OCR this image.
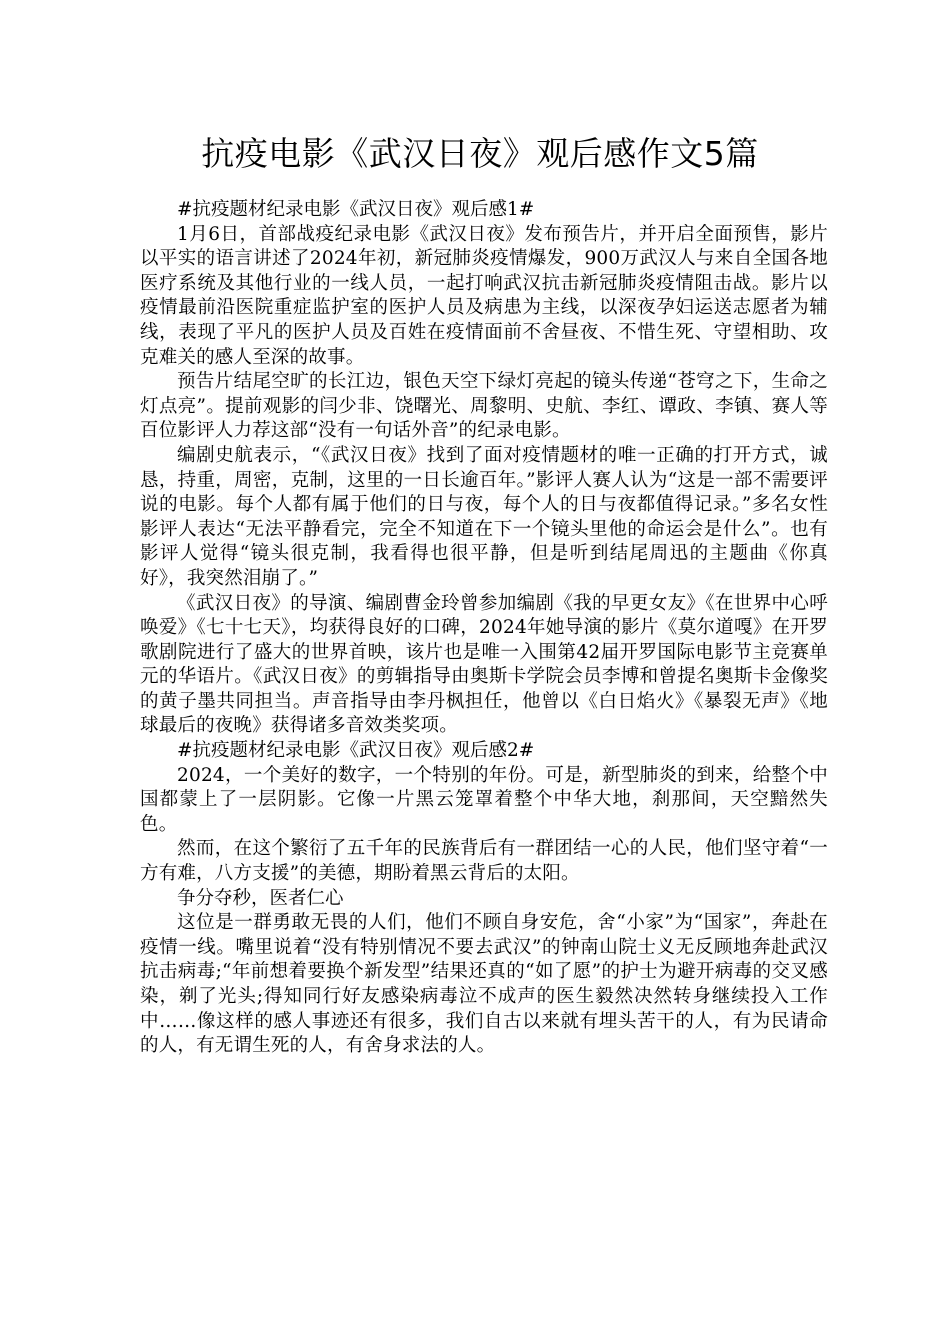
抗疫电影《武汉日夜》观后感作文5篇

#抗疫题材纪录电影《武汉日夜》观后感1#

1月6日，首部战疫纪录电影《武汉日夜》发布预告片，并开启全面预售，影片以平实的语言讲述了2024年初，新冠肺炎疫情爆发，900万武汉人与来自全国各地医疗系统及其他行业的一线人员，一起打响武汉抗击新冠肺炎疫情阻击战。影片以疫情最前沿医院重症监护室的医护人员及病患为主线，以深夜孕妇运送志愿者为辅线，表现了平凡的医护人员及百姓在疫情面前不舍昼夜、不惜生死、守望相助、攻克难关的感人至深的故事。

预告片结尾空旷的长江边，银色天空下绿灯亮起的镜头传递“苍穹之下，生命之灯点亮”。提前观影的闫少非、饶曙光、周黎明、史航、李红、谭政、李镇、赛人等百位影评人力荐这部“没有一句话外音”的纪录电影。

编剧史航表示，“《武汉日夜》找到了面对疫情题材的唯一正确的打开方式，诚恳，持重，周密，克制，这里的一日长逾百年。”影评人赛人认为“这是一部不需要评说的电影。每个人都有属于他们的日与夜，每个人的日与夜都值得记录。”多名女性影评人表达“无法平静看完，完全不知道在下一个镜头里他的命运会是什么”。也有影评人觉得“镜头很克制，我看得也很平静，但是听到结尾周迅的主题曲《你真好》，我突然泪崩了。”

《武汉日夜》的导演、编剧曹金玲曾参加编剧《我的早更女友》《在世界中心呼唤爱》《七十七天》，均获得良好的口碑，2024年她导演的影片《莫尔道嘎》在开罗歌剧院进行了盛大的世界首映，该片也是唯一入围第42届开罗国际电影节主竞赛单元的华语片。《武汉日夜》的剪辑指导由奥斯卡学院会员李博和曾提名奥斯卡金像奖的黄子墨共同担当。声音指导由李丹枫担任，他曾以《白日焰火》《暴裂无声》《地球最后的夜晚》获得诸多音效类奖项。

#抗疫题材纪录电影《武汉日夜》观后感2#

2024，一个美好的数字，一个特别的年份。可是，新型肺炎的到来，给整个中国都蒙上了一层阴影。它像一片黑云笼罩着整个中华大地，刹那间，天空黯然失色。

然而，在这个繁衍了五千年的民族背后有一群团结一心的人民，他们坚守着“一方有难，八方支援”的美德，期盼着黑云背后的太阳。

争分夺秒，医者仁心

这位是一群勇敢无畏的人们，他们不顾自身安危，舍“小家”为“国家”，奔赴在疫情一线。嘴里说着“没有特别情况不要去武汉”的钟南山院士义无反顾地奔赴武汉抗击病毒;“年前想着要换个新发型”结果还真的“如了愿”的护士为避开病毒的交叉感染，剃了光头;得知同行好友感染病毒泣不成声的医生毅然决然转身继续投入工作中……像这样的感人事迹还有很多，我们自古以来就有埋头苦干的人，有为民请命的人，有无谓生死的人，有舍身求法的人。
